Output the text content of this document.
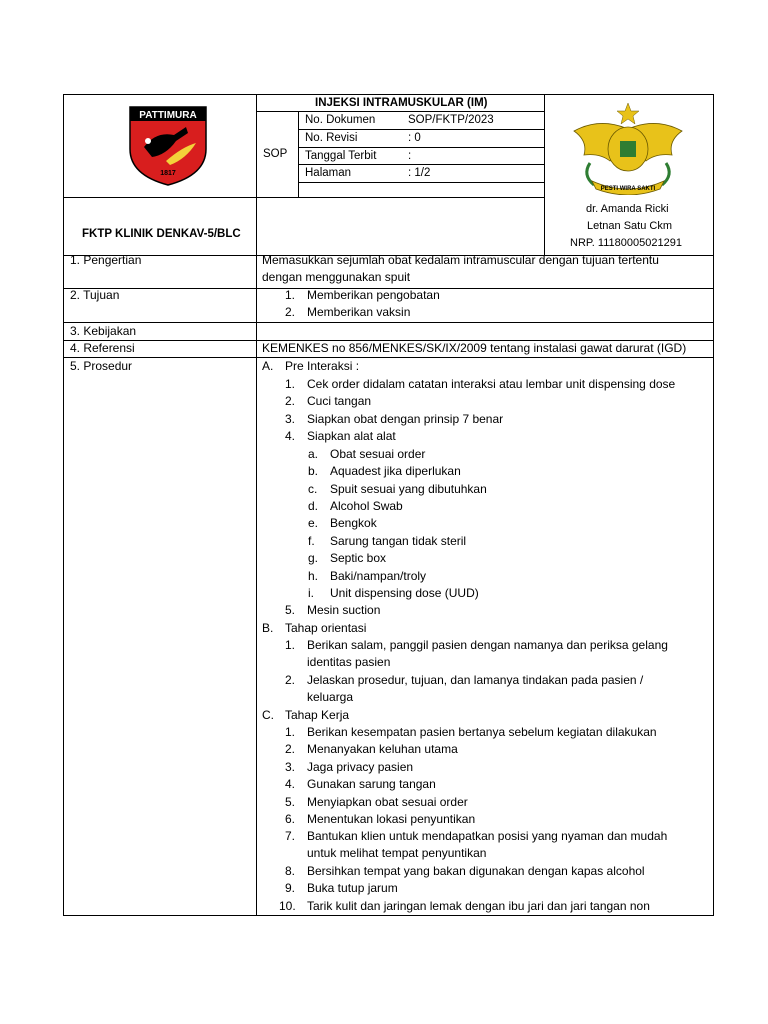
PATTIMURA
1817
INJEKSI INTRAMUSKULAR (IM)
SOP
No. Dokumen	SOP/FKTP/2023
No. Revisi	: 0
Tanggal Terbit	:
Halaman	: 1/2
FKTP KLINIK DENKAV-5/BLC
PESTI WIRA SAKTI
dr. Amanda Ricki
Letnan Satu Ckm
NRP. 11180005021291
1. Pengertian	Memasukkan sejumlah obat kedalam intramuscular dengan tujuan tertentu
dengan menggunakan spuit
2. Tujuan	1. Memberikan pengobatan
2. Memberikan vaksin
3. Kebijakan
4. Referensi	KEMENKES no 856/MENKES/SK/IX/2009 tentang instalasi gawat darurat (IGD)
5. Prosedur	A. Pre Interaksi :
1. Cek order didalam catatan interaksi atau lembar unit dispensing dose
2. Cuci tangan
3. Siapkan obat dengan prinsip 7 benar
4. Siapkan alat alat
a. Obat sesuai order
b. Aquadest jika diperlukan
c. Spuit sesuai yang dibutuhkan
d. Alcohol Swab
e. Bengkok
f. Sarung tangan tidak steril
g. Septic box
h. Baki/nampan/troly
i. Unit dispensing dose (UUD)
5. Mesin suction
B. Tahap orientasi
1. Berikan salam, panggil pasien dengan namanya dan periksa gelang
identitas pasien
2. Jelaskan prosedur, tujuan, dan lamanya tindakan pada pasien /
keluarga
C. Tahap Kerja
1. Berikan kesempatan pasien bertanya sebelum kegiatan dilakukan
2. Menanyakan keluhan utama
3. Jaga privacy pasien
4. Gunakan sarung tangan
5. Menyiapkan obat sesuai order
6. Menentukan lokasi penyuntikan
7. Bantukan klien untuk mendapatkan posisi yang nyaman dan mudah
untuk melihat tempat penyuntikan
8. Bersihkan tempat yang bakan digunakan dengan kapas alcohol
9. Buka tutup jarum
10. Tarik kulit dan jaringan lemak dengan ibu jari dan jari tangan non
